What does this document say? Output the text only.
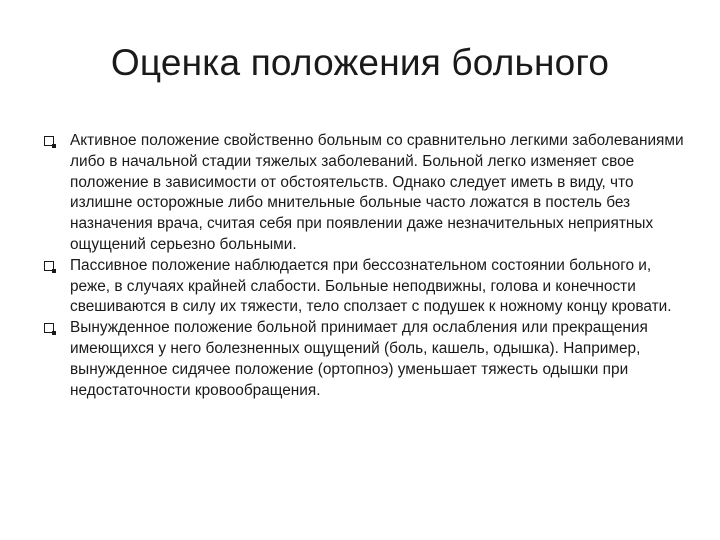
Оценка положения больного
Активное положение свойственно больным со сравнительно легкими заболеваниями либо в начальной стадии тяжелых заболеваний. Больной легко изменяет свое положение в зависимости от обстоятельств. Однако следует иметь в виду, что излишне осторожные либо мнительные больные часто ложатся в постель без назначения врача, считая себя при появлении даже незначительных неприятных ощущений серьезно больными.
Пассивное положение наблюдается при бессознательном состоянии больного и, реже, в случаях крайней слабости. Больные неподвижны, голова и конечности свешиваются в силу их тяжести, тело сползает с подушек к ножному концу кровати.
Вынужденное положение больной принимает для ослабления или прекращения имеющихся у него болезненных ощущений (боль, кашель, одышка). Например, вынужденное сидячее положение (ортопноэ) уменьшает тяжесть одышки при недостаточности кровообращения.
